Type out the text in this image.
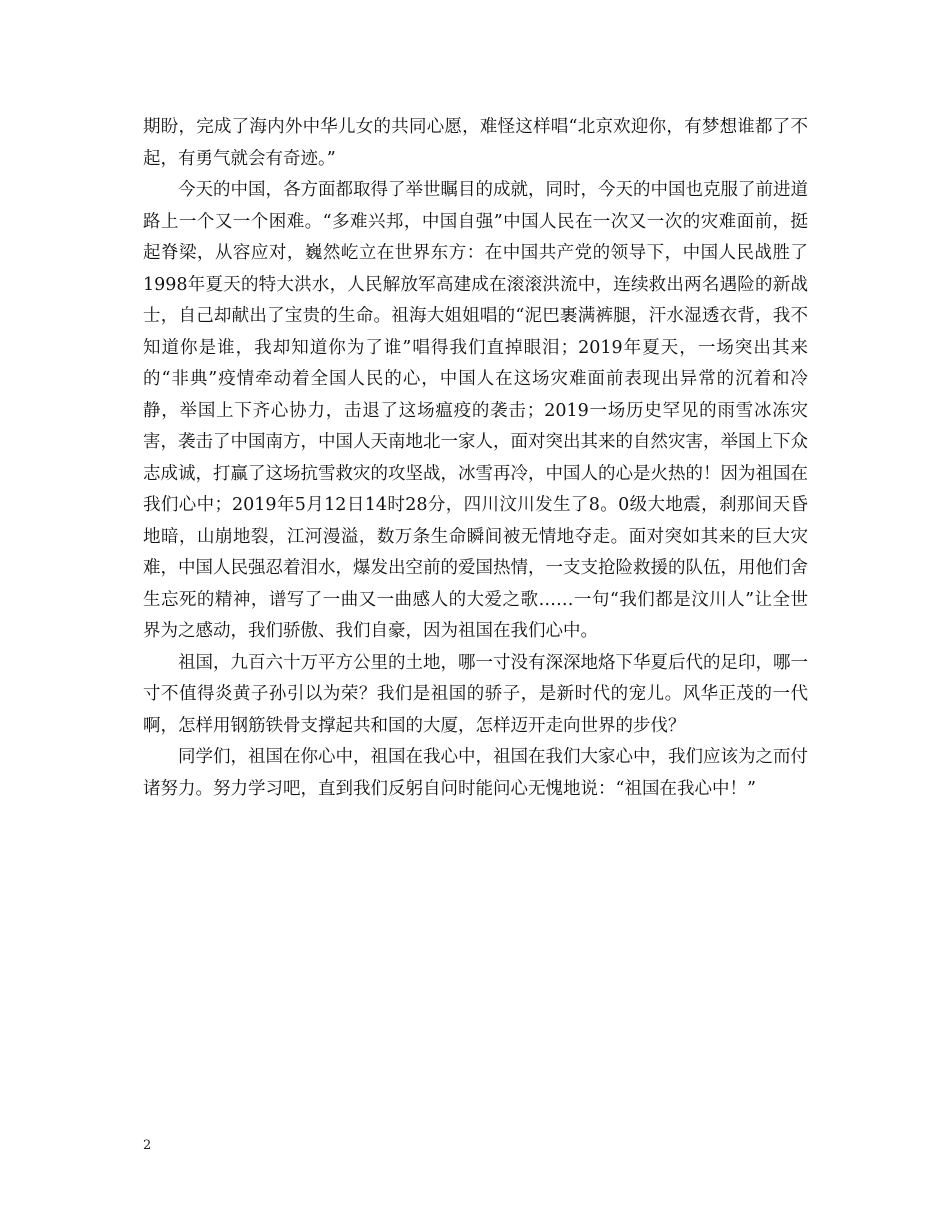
期盼，完成了海内外中华儿女的共同心愿，难怪这样唱“北京欢迎你，有梦想谁都了不起，有勇气就会有奇迹。”

今天的中国，各方面都取得了举世瞩目的成就，同时，今天的中国也克服了前进道路上一个又一个困难。“多难兴邦，中国自强”中国人民在一次又一次的灾难面前，挺起脊梁，从容应对，巍然屹立在世界东方：在中国共产党的领导下，中国人民战胜了1998年夏天的特大洪水，人民解放军高建成在滚滚洪流中，连续救出两名遇险的新战士，自己却献出了宝贵的生命。祖海大姐姐唱的“泥巴裹满裤腿，汗水湿透衣背，我不知道你是谁，我却知道你为了谁”唱得我们直掉眼泪；2019年夏天，一场突出其来的“非典”疫情牵动着全国人民的心，中国人在这场灾难面前表现出异常的沉着和冷静，举国上下齐心协力，击退了这场瘟疫的袭击；2019一场历史罕见的雨雪冰冻灾害，袭击了中国南方，中国人天南地北一家人，面对突出其来的自然灾害，举国上下众志成诚，打赢了这场抗雪救灾的攻坚战，冰雪再冷，中国人的心是火热的！因为祖国在我们心中；2019年5月12日14时28分，四川汶川发生了8。0级大地震，刹那间天昏地暗，山崩地裂，江河漫溢，数万条生命瞬间被无情地夺走。面对突如其来的巨大灾难，中国人民强忍着泪水，爆发出空前的爱国热情，一支支抢险救援的队伍，用他们舍生忘死的精神，谱写了一曲又一曲感人的大爱之歌……一句“我们都是汶川人”让全世界为之感动，我们骄傲、我们自豪，因为祖国在我们心中。

祖国，九百六十万平方公里的土地，哪一寸没有深深地烙下华夏后代的足印，哪一寸不值得炎黄子孙引以为荣？我们是祖国的骄子，是新时代的宠儿。风华正茂的一代啊，怎样用钢筋铁骨支撑起共和国的大厦，怎样迈开走向世界的步伐？

同学们，祖国在你心中，祖国在我心中，祖国在我们大家心中，我们应该为之而付诸努力。努力学习吧，直到我们反躬自问时能问心无愧地说：“祖国在我心中！”

2
